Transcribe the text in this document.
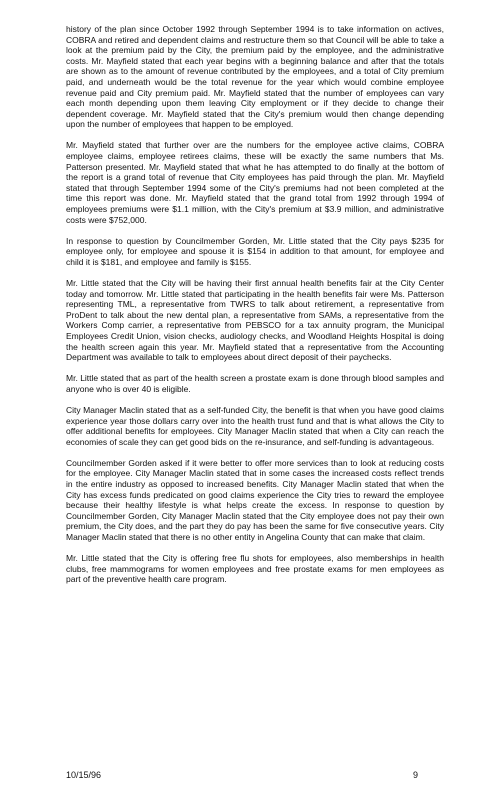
history of the plan since October 1992 through September 1994 is to take information on actives, COBRA and retired and dependent claims and restructure them so that Council will be able to take a look at the premium paid by the City, the premium paid by the employee, and the administrative costs. Mr. Mayfield stated that each year begins with a beginning balance and after that the totals are shown as to the amount of revenue contributed by the employees, and a total of City premium paid, and underneath would be the total revenue for the year which would combine employee revenue paid and City premium paid. Mr. Mayfield stated that the number of employees can vary each month depending upon them leaving City employment or if they decide to change their dependent coverage. Mr. Mayfield stated that the City's premium would then change depending upon the number of employees that happen to be employed.

Mr. Mayfield stated that further over are the numbers for the employee active claims, COBRA employee claims, employee retirees claims, these will be exactly the same numbers that Ms. Patterson presented. Mr. Mayfield stated that what he has attempted to do finally at the bottom of the report is a grand total of revenue that City employees has paid through the plan. Mr. Mayfield stated that through September 1994 some of the City's premiums had not been completed at the time this report was done. Mr. Mayfield stated that the grand total from 1992 through 1994 of employees premiums were $1.1 million, with the City's premium at $3.9 million, and administrative costs were $752,000.

In response to question by Councilmember Gorden, Mr. Little stated that the City pays $235 for employee only, for employee and spouse it is $154 in addition to that amount, for employee and child it is $181, and employee and family is $155.

Mr. Little stated that the City will be having their first annual health benefits fair at the City Center today and tomorrow. Mr. Little stated that participating in the health benefits fair were Ms. Patterson representing TML, a representative from TWRS to talk about retirement, a representative from ProDent to talk about the new dental plan, a representative from SAMs, a representative from the Workers Comp carrier, a representative from PEBSCO for a tax annuity program, the Municipal Employees Credit Union, vision checks, audiology checks, and Woodland Heights Hospital is doing the health screen again this year. Mr. Mayfield stated that a representative from the Accounting Department was available to talk to employees about direct deposit of their paychecks.

Mr. Little stated that as part of the health screen a prostate exam is done through blood samples and anyone who is over 40 is eligible.

City Manager Maclin stated that as a self-funded City, the benefit is that when you have good claims experience year those dollars carry over into the health trust fund and that is what allows the City to offer additional benefits for employees. City Manager Maclin stated that when a City can reach the economies of scale they can get good bids on the re-insurance, and self-funding is advantageous.

Councilmember Gorden asked if it were better to offer more services than to look at reducing costs for the employee. City Manager Maclin stated that in some cases the increased costs reflect trends in the entire industry as opposed to increased benefits. City Manager Maclin stated that when the City has excess funds predicated on good claims experience the City tries to reward the employee because their healthy lifestyle is what helps create the excess. In response to question by Councilmember Gorden, City Manager Maclin stated that the City employee does not pay their own premium, the City does, and the part they do pay has been the same for five consecutive years. City Manager Maclin stated that there is no other entity in Angelina County that can make that claim.

Mr. Little stated that the City is offering free flu shots for employees, also memberships in health clubs, free mammograms for women employees and free prostate exams for men employees as part of the preventive health care program.

10/15/96	9
